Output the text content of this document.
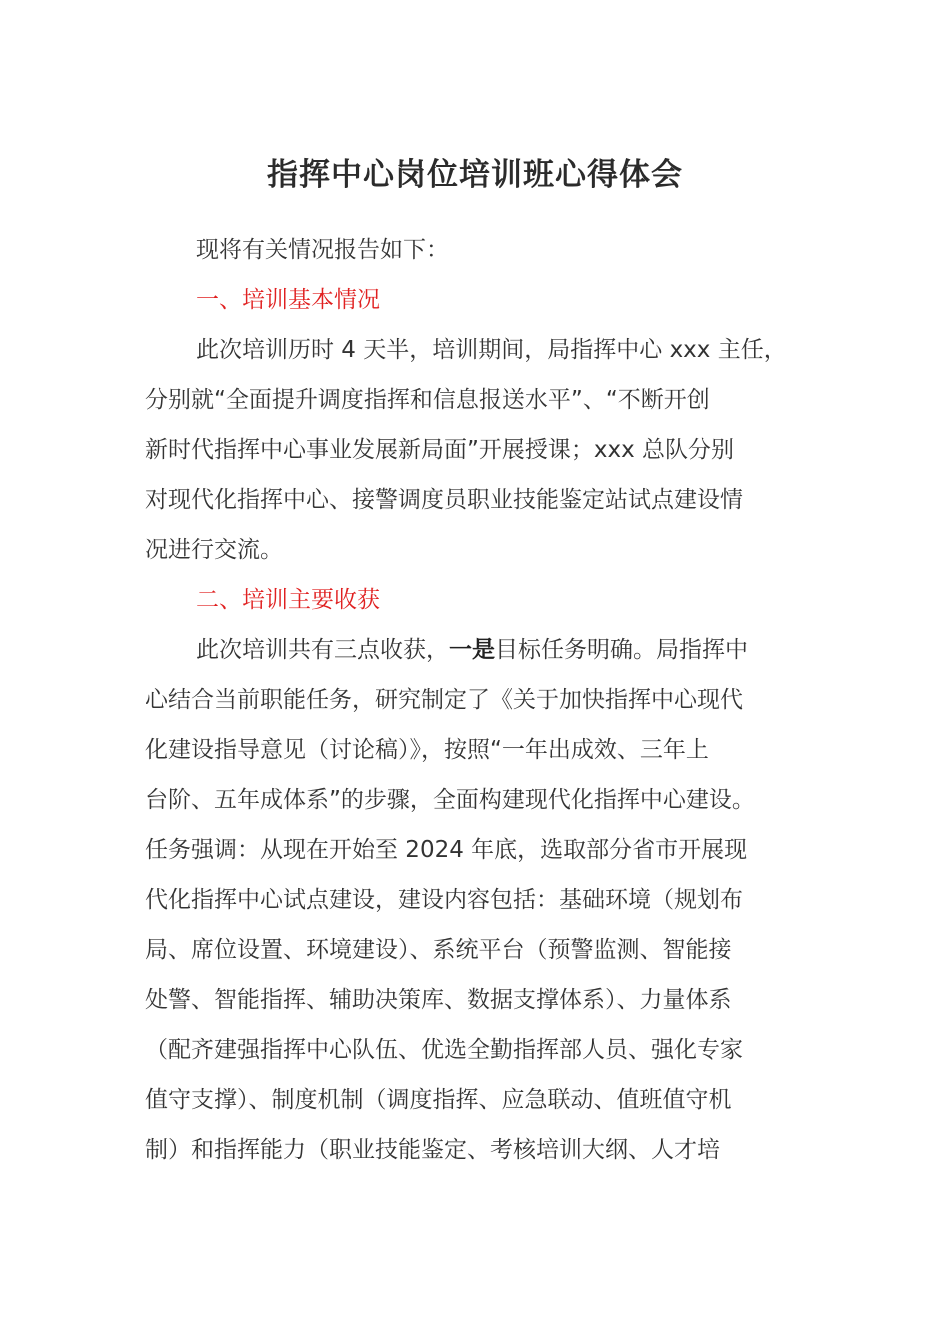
指挥中心岗位培训班心得体会
现将有关情况报告如下：
一、培训基本情况
此次培训历时 4 天半，培训期间，局指挥中心 xxx 主任，
分别就“全面提升调度指挥和信息报送水平”、“不断开创
新时代指挥中心事业发展新局面”开展授课；xxx 总队分别
对现代化指挥中心、接警调度员职业技能鉴定站试点建设情
况进行交流。
二、培训主要收获
此次培训共有三点收获，一是目标任务明确。局指挥中
心结合当前职能任务，研究制定了《关于加快指挥中心现代
化建设指导意见（讨论稿）》，按照“一年出成效、三年上
台阶、五年成体系”的步骤，全面构建现代化指挥中心建设。
任务强调：从现在开始至 2024 年底，选取部分省市开展现
代化指挥中心试点建设，建设内容包括：基础环境（规划布
局、席位设置、环境建设）、系统平台（预警监测、智能接
处警、智能指挥、辅助决策库、数据支撑体系）、力量体系
（配齐建强指挥中心队伍、优选全勤指挥部人员、强化专家
值守支撑）、制度机制（调度指挥、应急联动、值班值守机
制）和指挥能力（职业技能鉴定、考核培训大纲、人才培
